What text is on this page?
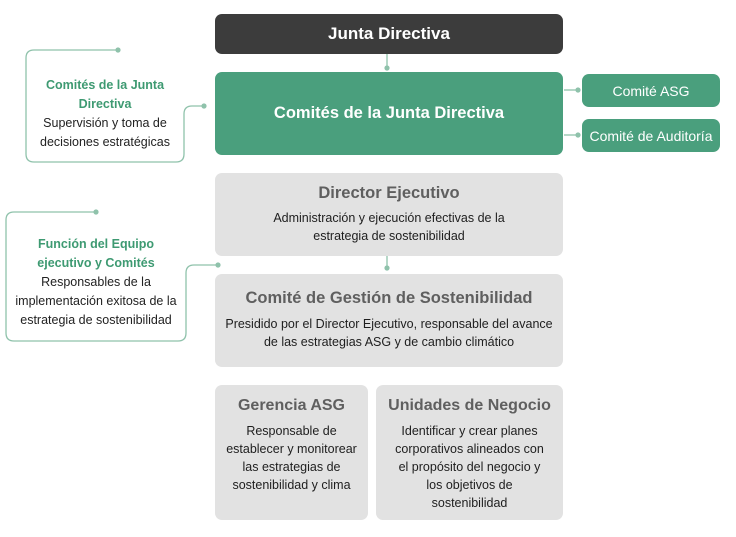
Junta Directiva
Comités de la Junta Directiva
Comité ASG
Comité de Auditoría
Comités de la Junta Directiva
Supervisión y toma de decisiones estratégicas
Función del Equipo ejecutivo y Comités
Responsables de la implementación exitosa de la estrategia de sostenibilidad
Director Ejecutivo
Administración y ejecución efectivas de la estrategia de sostenibilidad
Comité de Gestión de Sostenibilidad
Presidido por el Director Ejecutivo, responsable del avance de las estrategias ASG y de cambio climático
Gerencia ASG
Responsable de establecer y monitorear las estrategias de sostenibilidad y clima
Unidades de Negocio
Identificar y crear planes corporativos alineados con el propósito del negocio y los objetivos de sostenibilidad
